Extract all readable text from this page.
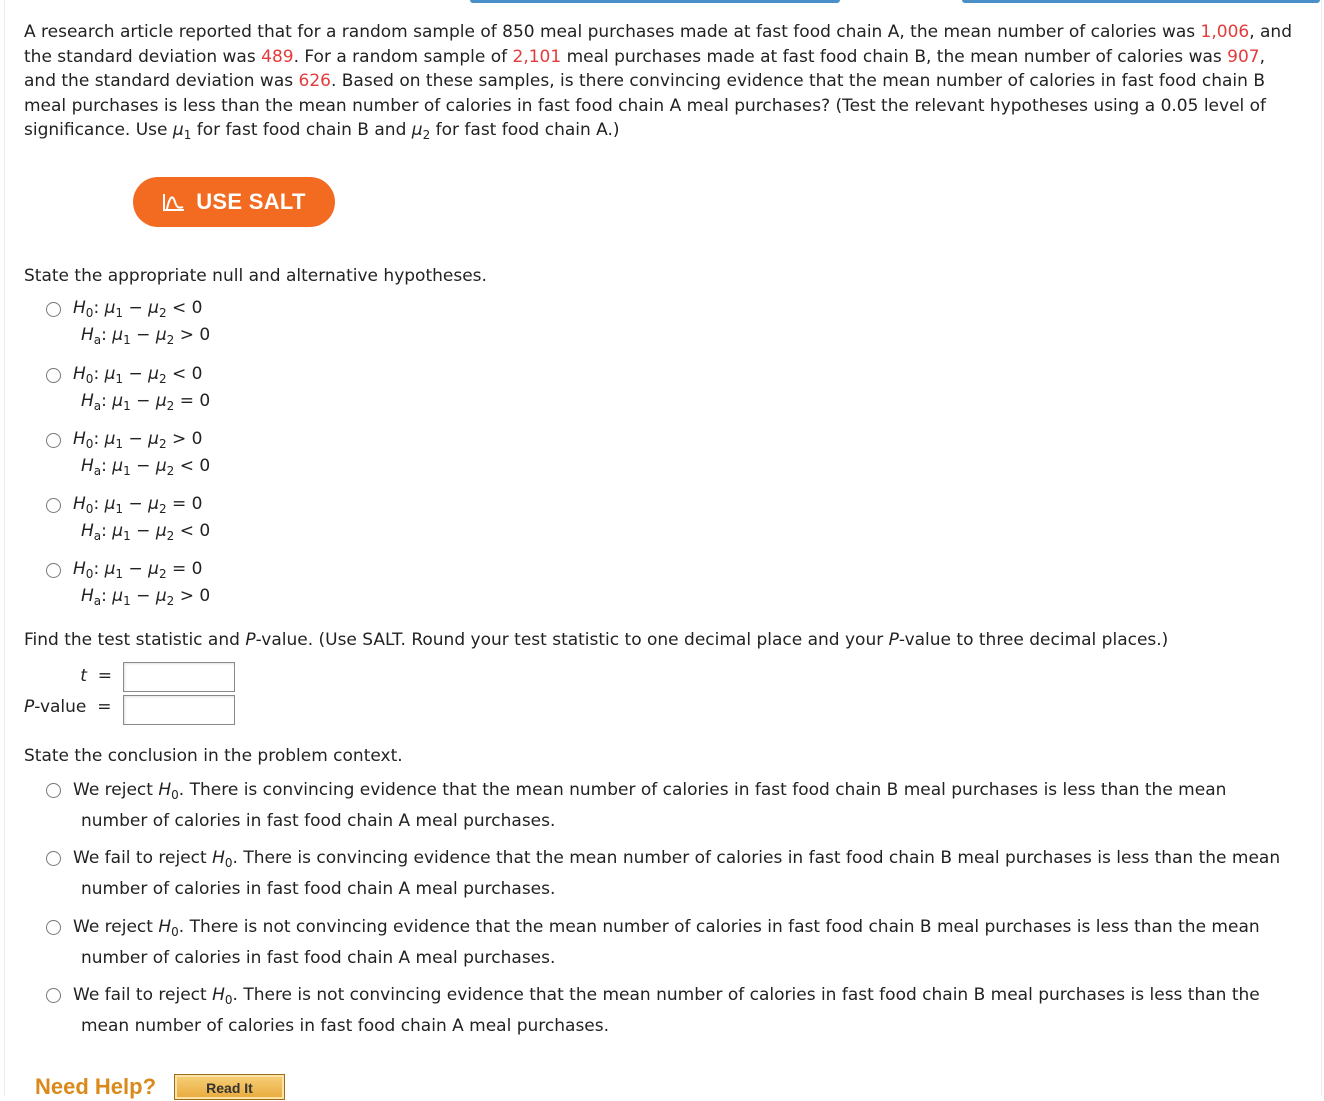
A research article reported that for a random sample of 850 meal purchases made at fast food chain A, the mean number of calories was 1,006, and the standard deviation was 489. For a random sample of 2,101 meal purchases made at fast food chain B, the mean number of calories was 907, and the standard deviation was 626. Based on these samples, is there convincing evidence that the mean number of calories in fast food chain B meal purchases is less than the mean number of calories in fast food chain A meal purchases? (Test the relevant hypotheses using a 0.05 level of significance. Use $\mu_1$ for fast food chain B and $\mu_2$ for fast food chain A.)
USE SALT
State the appropriate null and alternative hypotheses.
$H_0$: $\mu_1 - \mu_2 < 0$
$H_a$: $\mu_1 - \mu_2 > 0$
$H_0$: $\mu_1 - \mu_2 < 0$
$H_a$: $\mu_1 - \mu_2 = 0$
$H_0$: $\mu_1 - \mu_2 > 0$
$H_a$: $\mu_1 - \mu_2 < 0$
$H_0$: $\mu_1 - \mu_2 = 0$
$H_a$: $\mu_1 - \mu_2 < 0$
$H_0$: $\mu_1 - \mu_2 = 0$
$H_a$: $\mu_1 - \mu_2 > 0$
Find the test statistic and P-value. (Use SALT. Round your test statistic to one decimal place and your P-value to three decimal places.)
t =
P-value =
State the conclusion in the problem context.
We reject $H_0$. There is convincing evidence that the mean number of calories in fast food chain B meal purchases is less than the mean number of calories in fast food chain A meal purchases.
We fail to reject $H_0$. There is convincing evidence that the mean number of calories in fast food chain B meal purchases is less than the mean number of calories in fast food chain A meal purchases.
We reject $H_0$. There is not convincing evidence that the mean number of calories in fast food chain B meal purchases is less than the mean number of calories in fast food chain A meal purchases.
We fail to reject $H_0$. There is not convincing evidence that the mean number of calories in fast food chain B meal purchases is less than the mean number of calories in fast food chain A meal purchases.
Need Help?	Read It
